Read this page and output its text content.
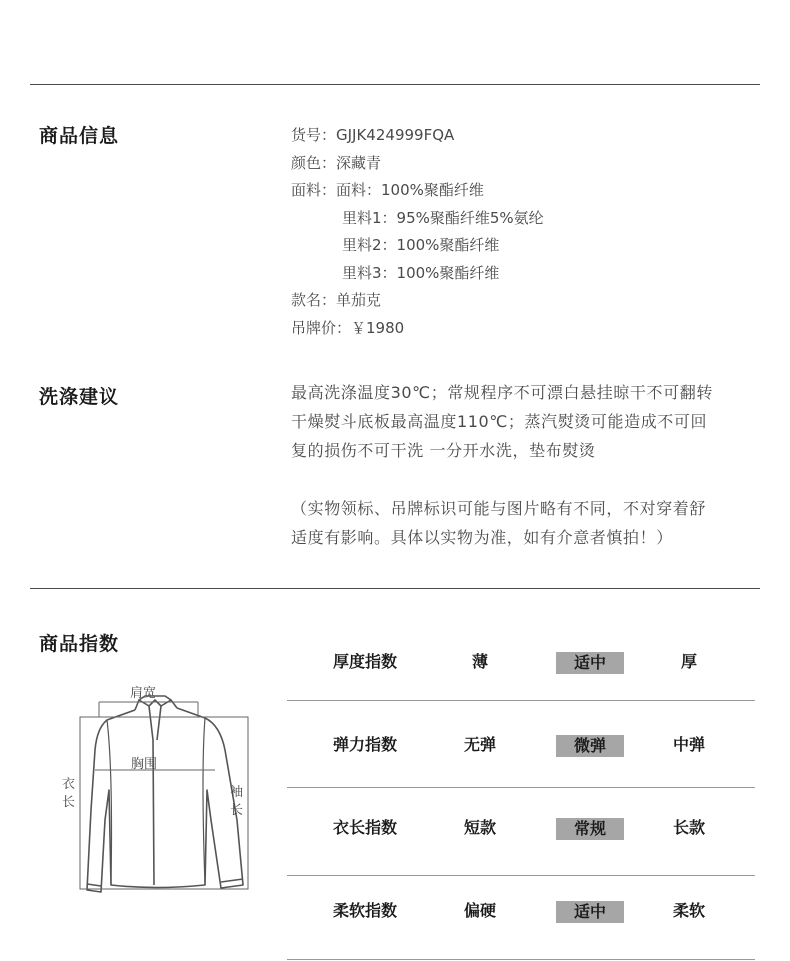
商品信息	货号：GJJK424999FQA
颜色：深藏青
面料：面料：100%聚酯纤维
里料1：95%聚酯纤维5%氨纶
里料2：100%聚酯纤维
里料3：100%聚酯纤维
款名：单茄克
吊牌价：￥1980
洗涤建议	最高洗涤温度30℃；常规程序不可漂白悬挂晾干不可翻转
干燥熨斗底板最高温度110℃；蒸汽熨烫可能造成不可回
复的损伤不可干洗 一分开水洗，垫布熨烫
（实物领标、吊牌标识可能与图片略有不同，不对穿着舒
适度有影响。具体以实物为准，如有介意者慎拍！）
商品指数
厚度指数	薄	适中	厚
弹力指数	无弹	微弹	中弹
衣长指数	短款	常规	长款
柔软指数	偏硬	适中	柔软
肩宽
胸围
衣
长
袖
长
